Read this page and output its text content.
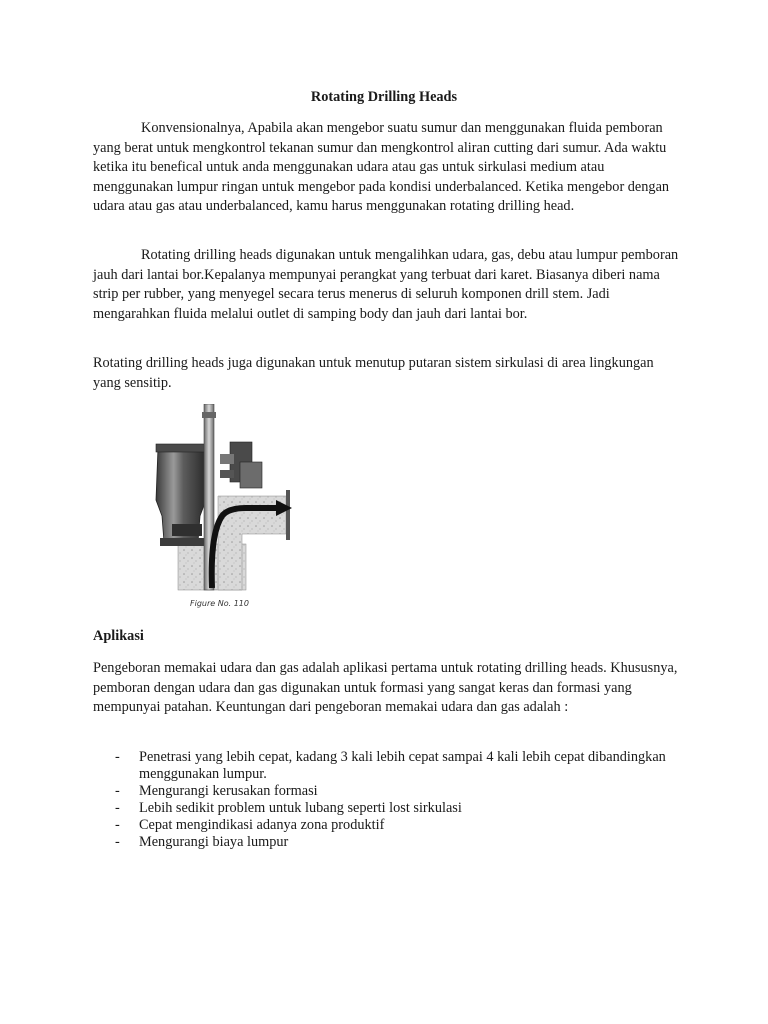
Rotating Drilling Heads

Konvensionalnya, Apabila akan mengebor suatu sumur dan menggunakan fluida pemboran yang berat untuk mengkontrol tekanan sumur dan mengkontrol aliran cutting dari sumur. Ada waktu ketika itu benefical untuk anda menggunakan udara atau gas untuk sirkulasi medium atau menggunakan lumpur ringan untuk mengebor pada kondisi underbalanced. Ketika mengebor dengan udara atau gas atau underbalanced, kamu harus menggunakan rotating drilling head.

Rotating drilling heads digunakan untuk mengalihkan udara, gas, debu atau lumpur pemboran jauh dari lantai bor.Kepalanya mempunyai perangkat yang terbuat dari karet. Biasanya diberi nama strip per rubber, yang menyegel secara terus menerus di seluruh komponen drill stem. Jadi mengarahkan fluida melalui outlet di samping body dan jauh dari lantai bor.

Rotating drilling heads juga digunakan untuk menutup putaran sistem sirkulasi di area lingkungan yang sensitip.

Figure No. 110
Aplikasi

Pengeboran memakai udara dan gas adalah aplikasi pertama untuk rotating drilling heads. Khususnya, pemboran dengan udara dan gas digunakan untuk formasi yang sangat keras dan formasi yang mempunyai patahan. Keuntungan dari pengeboran memakai udara dan gas adalah :

- Penetrasi yang lebih cepat, kadang 3 kali lebih cepat sampai 4 kali lebih cepat dibandingkan menggunakan lumpur.
- Mengurangi kerusakan formasi
- Lebih sedikit problem untuk lubang seperti lost sirkulasi
- Cepat mengindikasi adanya zona produktif
- Mengurangi biaya lumpur
